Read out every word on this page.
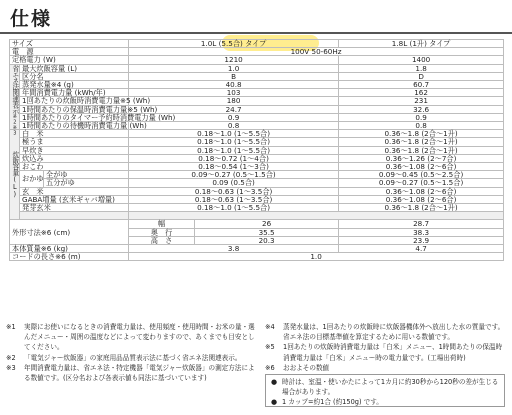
仕様
サイズ			1.0L (5.5合) タイプ		1.8L (1升) タイプ
電　源			100V 50-60Hz		
定格電力 (W)			1210		1400
省エネ法関連表示※2※3	最大炊飯容量 (L)		1.0		1.8
	区分名		B		D
	蒸発水量※4 (g)		40.8		60.7
	年間消費電力量 (kWh/年)		103		162
	1回あたりの炊飯時消費電力量※5 (Wh)		180		231
	1時間あたりの保温時消費電力量※5 (Wh)		24.7		32.6
	1時間あたりのタイマー予約時消費電力量 (Wh)		0.9		0.9
	1時間あたりの待機時消費電力量 (Wh)		0.8		0.8
炊飯容量(L)	白　米		0.18〜1.0 (1〜5.5合)		0.36〜1.8 (2合〜1升)
	極うま		0.18〜1.0 (1〜5.5合)		0.36〜1.8 (2合〜1升)
	早炊き		0.18〜1.0 (1〜5.5合)		0.36〜1.8 (2合〜1升)
	炊込み		0.18〜0.72 (1〜4合)		0.36〜1.26 (2〜7合)
	おこわ		0.18〜0.54 (1〜3合)		0.36〜1.08 (2〜6合)
	おかゆ	全がゆ	0.09〜0.27 (0.5〜1.5合)		0.09〜0.45 (0.5〜2.5合)
		五分がゆ	0.09 (0.5合)		0.09〜0.27 (0.5〜1.5合)
	玄　米		0.18〜0.63 (1〜3.5合)		0.36〜1.08 (2〜6合)
	GABA増量 (玄米ギャバ増量)		0.18〜0.63 (1〜3.5合)		0.36〜1.08 (2〜6合)
	発芽玄米		0.18〜1.0 (1〜5.5合)		0.36〜1.8 (2合〜1升)

外形寸法※6 (cm)			幅	26	28.7
			奥　行	35.5	38.3
			高　さ	20.3	23.9
本体質量※6 (kg)			3.8		4.7
コードの長さ※6 (m)			1.0		
※1	実際にお使いになるときの消費電力量は、使用頻度・使用時間・お米の量・選んだメニュー・周囲の温度などによって変わりますので、あくまでも目安としてください。
※2	「電気ジャー炊飯器」の家庭用品品質表示法に基づく省エネ法関連表示。
※3	年間消費電力量は、省エネ法・特定機器「電気ジャー炊飯器」の測定方法による数値です。(区分名および各表示値も同法に基づいています)
※4	蒸発水量は、1回あたりの炊飯時に炊飯器機体外へ放出した水の質量です。省エネ法の目標基準値を算定するために用いる数値です。
※5	1回あたりの炊飯時消費電力量は「白米」メニュー、1時間あたりの保温時消費電力量は「白米」メニュー時の電力量です。(工場出荷時)
※6	おおよその数値
● 時計は、室温・使いかたによって1カ月に約30秒から120秒の差が生じる場合があります。
● 1 カップ=約1合 (約150g) です。
